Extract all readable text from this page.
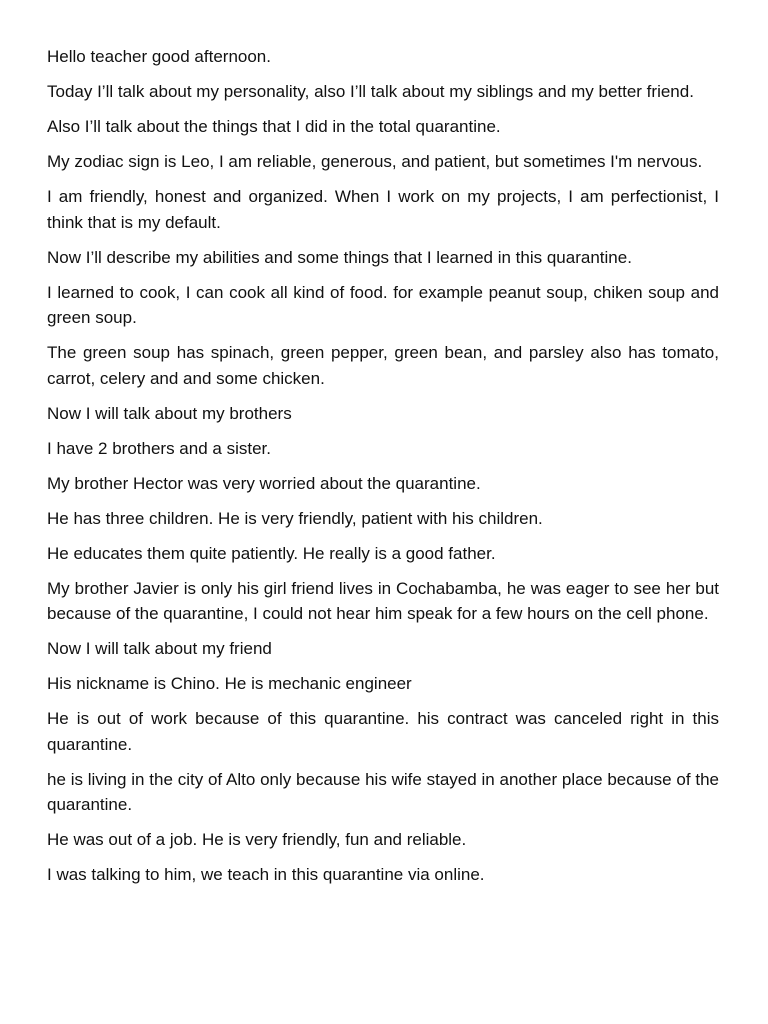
Hello teacher good afternoon.

Today I’ll talk about my personality, also I’ll talk about my siblings and my better friend.

Also I’ll talk about the things that I did in the total quarantine.

My zodiac sign is Leo, I am reliable, generous, and patient, but sometimes I'm nervous.

I am friendly, honest and organized. When I work on my projects, I am perfectionist, I think that is my default.

Now I’ll describe my abilities and some things that I learned in this quarantine.

I learned to cook, I can cook all kind of food. for example peanut soup, chiken soup and green soup.

The green soup has spinach, green pepper, green bean, and parsley also has tomato, carrot, celery and and some chicken.

Now I will talk about my brothers

I have 2 brothers and a sister.

My brother Hector was very worried about the quarantine.

He has three children. He is very friendly, patient with his children.

He educates them quite patiently. He really is a good father.

My brother Javier is only his girl friend lives in Cochabamba, he was eager to see her but because of the quarantine, I could not hear him speak for a few hours on the cell phone.

Now I will talk about my friend

His nickname is Chino. He is mechanic engineer

He is out of work because of this quarantine. his contract was canceled right in this quarantine.

he is living in the city of Alto only because his wife stayed in another place because of the quarantine.

He was out of a job. He is very friendly, fun and reliable.

I was talking to him, we teach in this quarantine via online.
